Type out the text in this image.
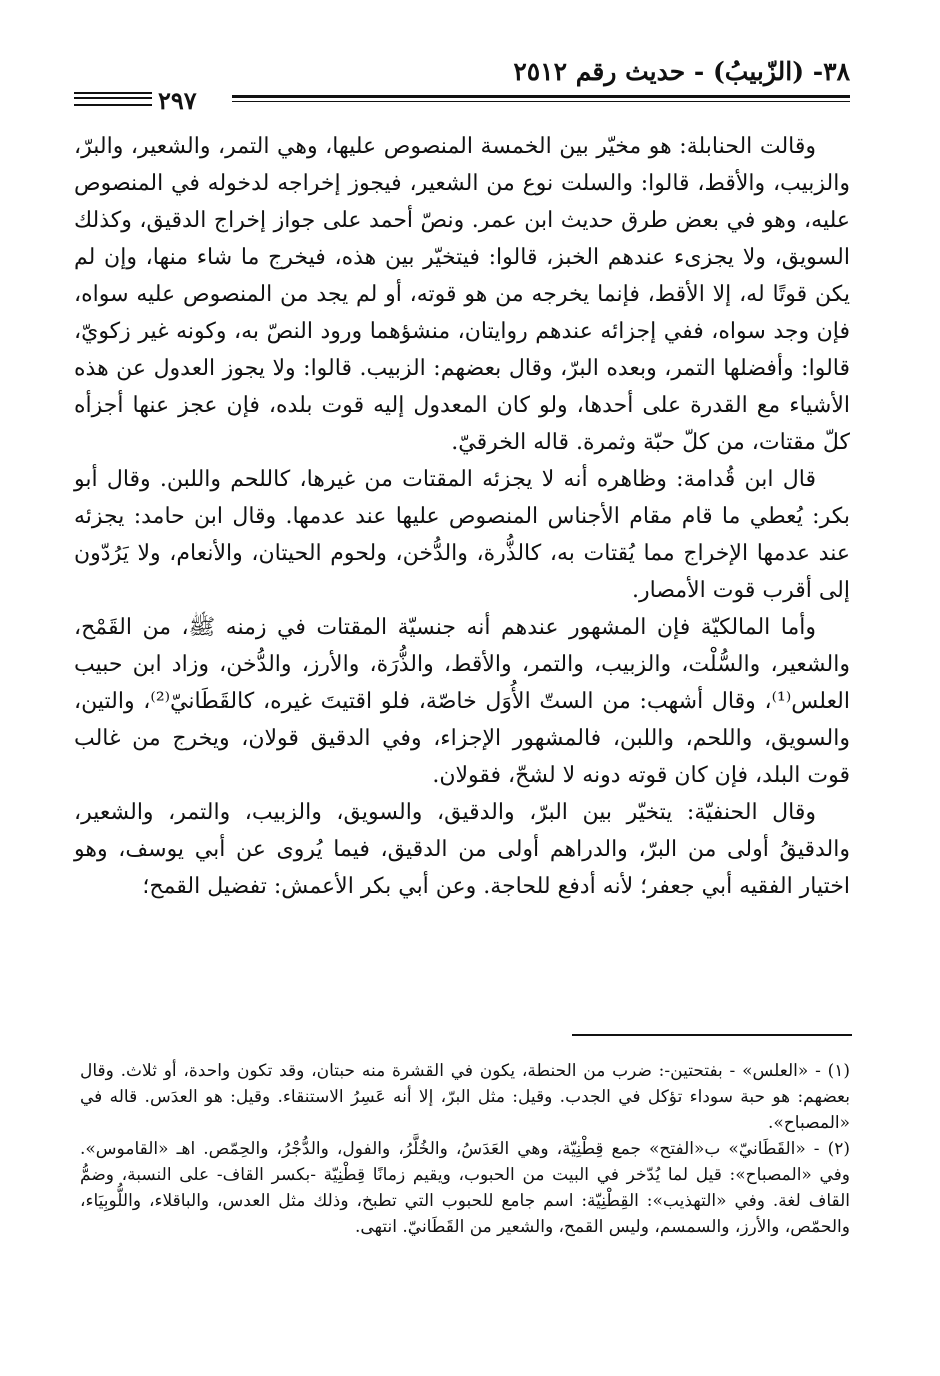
٣٨- (الزّبيبُ) - حديث رقم ٢٥١٢
٢٩٧

وقالت الحنابلة: هو مخيّر بين الخمسة المنصوص عليها، وهي التمر، والشعير، والبرّ، والزبيب، والأقط، قالوا: والسلت نوع من الشعير، فيجوز إخراجه لدخوله في المنصوص عليه، وهو في بعض طرق حديث ابن عمر. ونصّ أحمد على جواز إخراج الدقيق، وكذلك السويق، ولا يجزىء عندهم الخبز، قالوا: فيتخيّر بين هذه، فيخرج ما شاء منها، وإن لم يكن قوتًا له، إلا الأقط، فإنما يخرجه من هو قوته، أو لم يجد من المنصوص عليه سواه، فإن وجد سواه، ففي إجزائه عندهم روايتان، منشؤهما ورود النصّ به، وكونه غير زكويّ، قالوا: وأفضلها التمر، وبعده البرّ، وقال بعضهم: الزبيب. قالوا: ولا يجوز العدول عن هذه الأشياء مع القدرة على أحدها، ولو كان المعدول إليه قوت بلده، فإن عجز عنها أجزأه كلّ مقتات، من كلّ حبّة وثمرة. قاله الخرقيّ.

قال ابن قُدامة: وظاهره أنه لا يجزئه المقتات من غيرها، كاللحم واللبن. وقال أبو بكر: يُعطي ما قام مقام الأجناس المنصوص عليها عند عدمها. وقال ابن حامد: يجزئه عند عدمها الإخراج مما يُقتات به، كالذُّرة، والدُّخن، ولحوم الحيتان، والأنعام، ولا يَرُدّون إلى أقرب قوت الأمصار.

وأما المالكيّة فإن المشهور عندهم أنه جنسيّة المقتات في زمنه ﷺ، من القَمْح، والشعير، والسُّلْت، والزبيب، والتمر، والأقط، والذُّرَة، والأرز، والدُّخن، وزاد ابن حبيب العلس⁽¹⁾، وقال أشهب: من الستّ الأُوَل خاصّة، فلو اقتيتَ غيره، كالقَطَانيّ⁽²⁾، والتين، والسويق، واللحم، واللبن، فالمشهور الإجزاء، وفي الدقيق قولان، ويخرج من غالب قوت البلد، فإن كان قوته دونه لا لشحّ، فقولان.

وقال الحنفيّة: يتخيّر بين البرّ، والدقيق، والسويق، والزبيب، والتمر، والشعير، والدقيقُ أولى من البرّ، والدراهم أولى من الدقيق، فيما يُروى عن أبي يوسف، وهو اختيار الفقيه أبي جعفر؛ لأنه أدفع للحاجة. وعن أبي بكر الأعمش: تفضيل القمح؛

(١) - «العلس» - بفتحتين-: ضرب من الحنطة، يكون في القشرة منه حبتان، وقد تكون واحدة، أو ثلاث. وقال بعضهم: هو حبة سوداء تؤكل في الجدب. وقيل: مثل البرّ، إلا أنه عَسِرُ الاستنقاء. وقيل: هو العدَس. قاله في «المصباح».

(٢) - «القَطَانيّ» ب«الفتح» جمع قِطْنِيّة، وهي العَدَسُ، والخُلَّرُ، والفول، والدُّجْرُ، والحِمّص. اهـ «القاموس». وفي «المصباح»: قيل لما يُدّخر في البيت من الحبوب، ويقيم زمانًا قِطْنِيّة -بكسر القاف- على النسبة، وضمُّ القاف لغة. وفي «التهذيب»: القِطْنِيّة: اسم جامع للحبوب التي تطبخ، وذلك مثل العدس، والباقلاء، واللُّوبِيَاء، والحمّص، والأرز، والسمسم، وليس القمح، والشعير من القَطَانيّ. انتهى.
